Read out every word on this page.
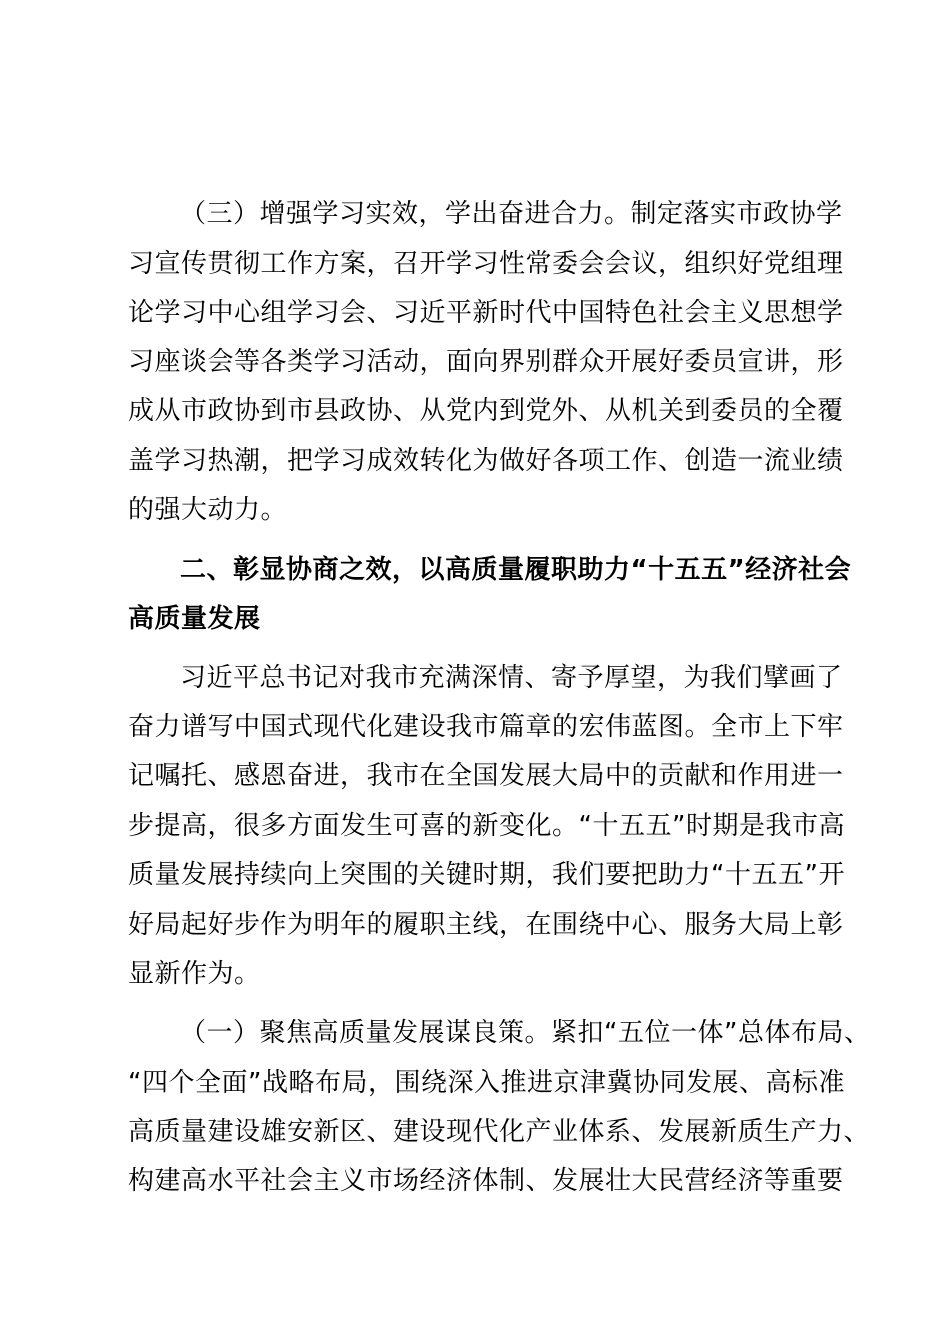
（三）增强学习实效，学出奋进合力。制定落实市政协学
习宣传贯彻工作方案，召开学习性常委会会议，组织好党组理
论学习中心组学习会、习近平新时代中国特色社会主义思想学
习座谈会等各类学习活动，面向界别群众开展好委员宣讲，形
成从市政协到市县政协、从党内到党外、从机关到委员的全覆
盖学习热潮，把学习成效转化为做好各项工作、创造一流业绩
的强大动力。
二、彰显协商之效，以高质量履职助力“十五五”经济社会
高质量发展
习近平总书记对我市充满深情、寄予厚望，为我们擘画了
奋力谱写中国式现代化建设我市篇章的宏伟蓝图。全市上下牢
记嘱托、感恩奋进，我市在全国发展大局中的贡献和作用进一
步提高，很多方面发生可喜的新变化。“十五五”时期是我市高
质量发展持续向上突围的关键时期，我们要把助力“十五五”开
好局起好步作为明年的履职主线，在围绕中心、服务大局上彰
显新作为。
（一）聚焦高质量发展谋良策。紧扣“五位一体”总体布局、
“四个全面”战略布局，围绕深入推进京津冀协同发展、高标准
高质量建设雄安新区、建设现代化产业体系、发展新质生产力、
构建高水平社会主义市场经济体制、发展壮大民营经济等重要
